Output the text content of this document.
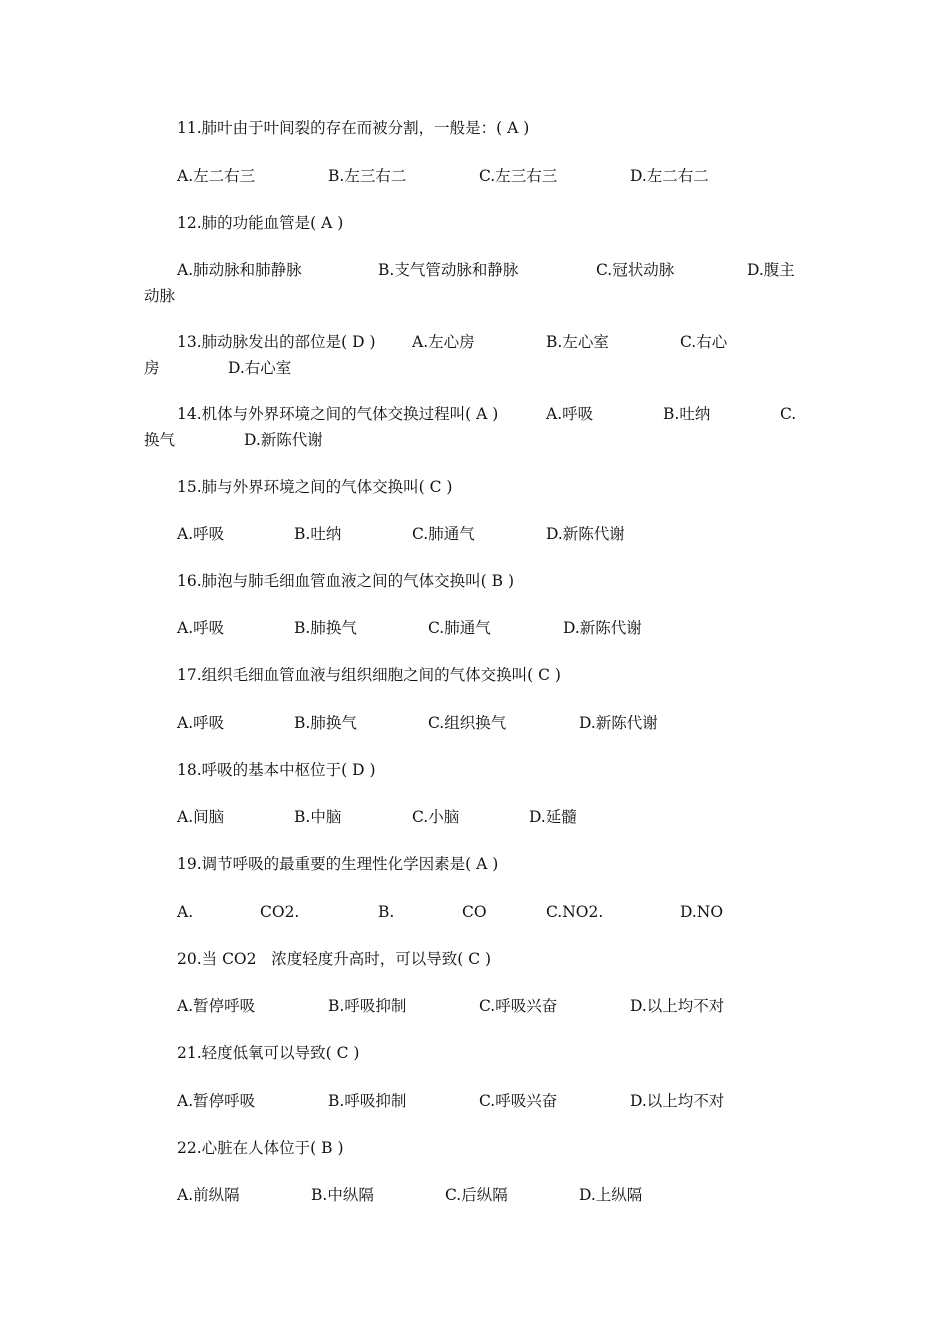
11.肺叶由于叶间裂的存在而被分割，一般是：( A )
A.左二右三	B.左三右二	C.左三右三	D.左二右二
12.肺的功能血管是( A )
A.肺动脉和肺静脉	B.支气管动脉和静脉	C.冠状动脉	D.腹主
动脉
13.肺动脉发出的部位是( D ) A.左心房	B.左心室	C.右心
房	D.右心室
14.机体与外界环境之间的气体交换过程叫( A )	A.呼吸	B.吐纳	C.
换气	D.新陈代谢
15.肺与外界环境之间的气体交换叫( C )
A.呼吸	B.吐纳	C.肺通气	D.新陈代谢
16.肺泡与肺毛细血管血液之间的气体交换叫( B )
A.呼吸	B.肺换气	C.肺通气	D.新陈代谢
17.组织毛细血管血液与组织细胞之间的气体交换叫( C )
A.呼吸	B.肺换气	C.组织换气	D.新陈代谢
18.呼吸的基本中枢位于( D )
A.间脑	B.中脑	C.小脑	D.延髓
19.调节呼吸的最重要的生理性化学因素是( A )
A.	CO2.	B.	CO	C.NO2.	D.NO
20.当 CO2   浓度轻度升高时，可以导致( C )
A.暂停呼吸	B.呼吸抑制	C.呼吸兴奋	D.以上均不对
21.轻度低氧可以导致( C )
A.暂停呼吸	B.呼吸抑制	C.呼吸兴奋	D.以上均不对
22.心脏在人体位于( B )
A.前纵隔	B.中纵隔	C.后纵隔	D.上纵隔
